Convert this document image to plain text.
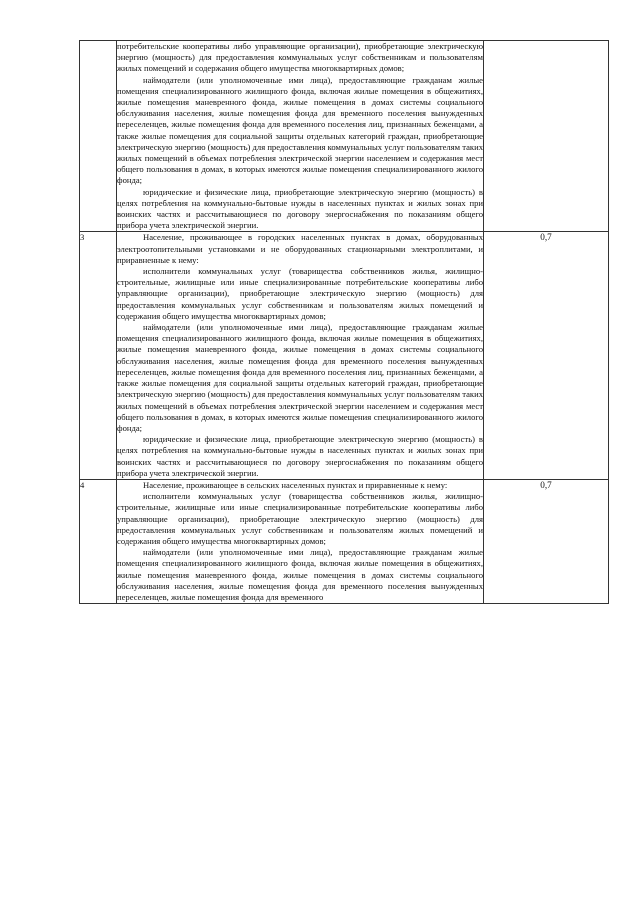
	потребительские кооперативы либо управляющие организации), приобретающие электрическую энергию (мощность) для предоставления коммунальных услуг собственникам и пользователям жилых помещений и содержания общего имущества многоквартирных домов;

наймодатели (или уполномоченные ими лица), предоставляющие гражданам жилые помещения специализированного жилищного фонда, включая жилые помещения в общежитиях, жилые помещения маневренного фонда, жилые помещения в домах системы социального обслуживания населения, жилые помещения фонда для временного поселения вынужденных переселенцев, жилые помещения фонда для временного поселения лиц, признанных беженцами, а также жилые помещения для социальной защиты отдельных категорий граждан, приобретающие электрическую энергию (мощность) для предоставления коммунальных услуг пользователям таких жилых помещений в объемах потребления электрической энергии населением и содержания мест общего пользования в домах, в которых имеются жилые помещения специализированного жилого фонда;

юридические и физические лица, приобретающие электрическую энергию (мощность) в целях потребления на коммунально-бытовые нужды в населенных пунктах и жилых зонах при воинских частях и рассчитывающиеся по договору энергоснабжения по показаниям общего прибора учета электрической энергии.	

3	Население, проживающее в городских населенных пунктах в домах, оборудованных электроотопительными установками и не оборудованных стационарными электроплитами, и приравненные к нему:

исполнители коммунальных услуг (товарищества собственников жилья, жилищно-строительные, жилищные или иные специализированные потребительские кооперативы либо управляющие организации), приобретающие электрическую энергию (мощность) для предоставления коммунальных услуг собственникам и пользователям жилых помещений и содержания общего имущества многоквартирных домов;

наймодатели (или уполномоченные ими лица), предоставляющие гражданам жилые помещения специализированного жилищного фонда, включая жилые помещения в общежитиях, жилые помещения маневренного фонда, жилые помещения в домах системы социального обслуживания населения, жилые помещения фонда для временного поселения вынужденных переселенцев, жилые помещения фонда для временного поселения лиц, признанных беженцами, а также жилые помещения для социальной защиты отдельных категорий граждан, приобретающие электрическую энергию (мощность) для предоставления коммунальных услуг пользователям таких жилых помещений в объемах потребления электрической энергии населением и содержания мест общего пользования в домах, в которых имеются жилые помещения специализированного жилого фонда;

юридические и физические лица, приобретающие электрическую энергию (мощность) в целях потребления на коммунально-бытовые нужды в населенных пунктах и жилых зонах при воинских частях и рассчитывающиеся по договору энергоснабжения по показаниям общего прибора учета электрической энергии.	0,7
4	Население, проживающее в сельских населенных пунктах и приравненные к нему:

исполнители коммунальных услуг (товарищества собственников жилья, жилищно-строительные, жилищные или иные специализированные потребительские кооперативы либо управляющие организации), приобретающие электрическую энергию (мощность) для предоставления коммунальных услуг собственникам и пользователям жилых помещений и содержания общего имущества многоквартирных домов;

наймодатели (или уполномоченные ими лица), предоставляющие гражданам жилые помещения специализированного жилищного фонда, включая жилые помещения в общежитиях, жилые помещения маневренного фонда, жилые помещения в домах системы социального обслуживания населения, жилые помещения фонда для временного поселения вынужденных переселенцев, жилые помещения фонда для временного	0,7
